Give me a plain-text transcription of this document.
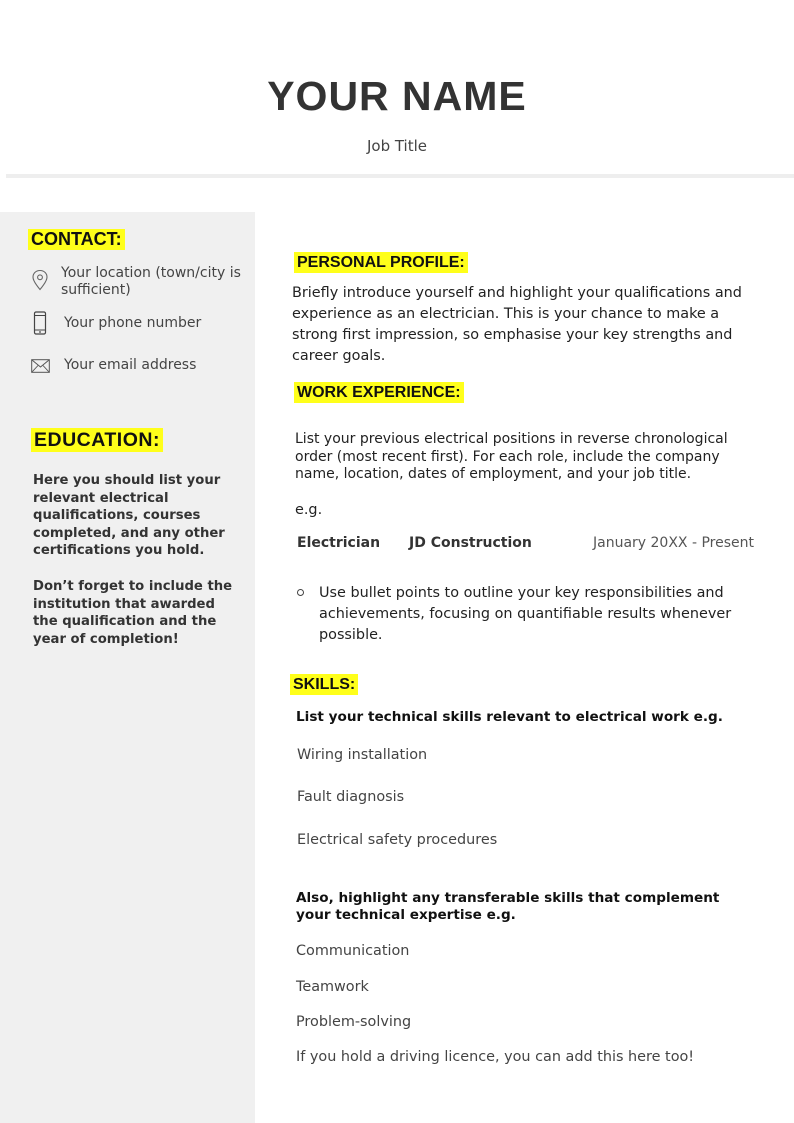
YOUR NAME
Job Title
CONTACT:
Your location (town/city is sufficient)
Your phone number
Your email address
EDUCATION:
Here you should list your relevant electrical qualifications, courses completed, and any other certifications you hold.
Don’t forget to include the institution that awarded the qualification and the year of completion!
PERSONAL PROFILE:
Briefly introduce yourself and highlight your qualifications and experience as an electrician. This is your chance to make a strong first impression, so emphasise your key strengths and career goals.
WORK EXPERIENCE:
List your previous electrical positions in reverse chronological order (most recent first). For each role, include the company name, location, dates of employment, and your job title.
e.g.
Electrician JD Construction	January 20XX - Present
Use bullet points to outline your key responsibilities and achievements, focusing on quantifiable results whenever possible.
SKILLS:
List your technical skills relevant to electrical work e.g.
Wiring installation
Fault diagnosis
Electrical safety procedures
Also, highlight any transferable skills that complement your technical expertise e.g.
Communication
Teamwork
Problem-solving
If you hold a driving licence, you can add this here too!
